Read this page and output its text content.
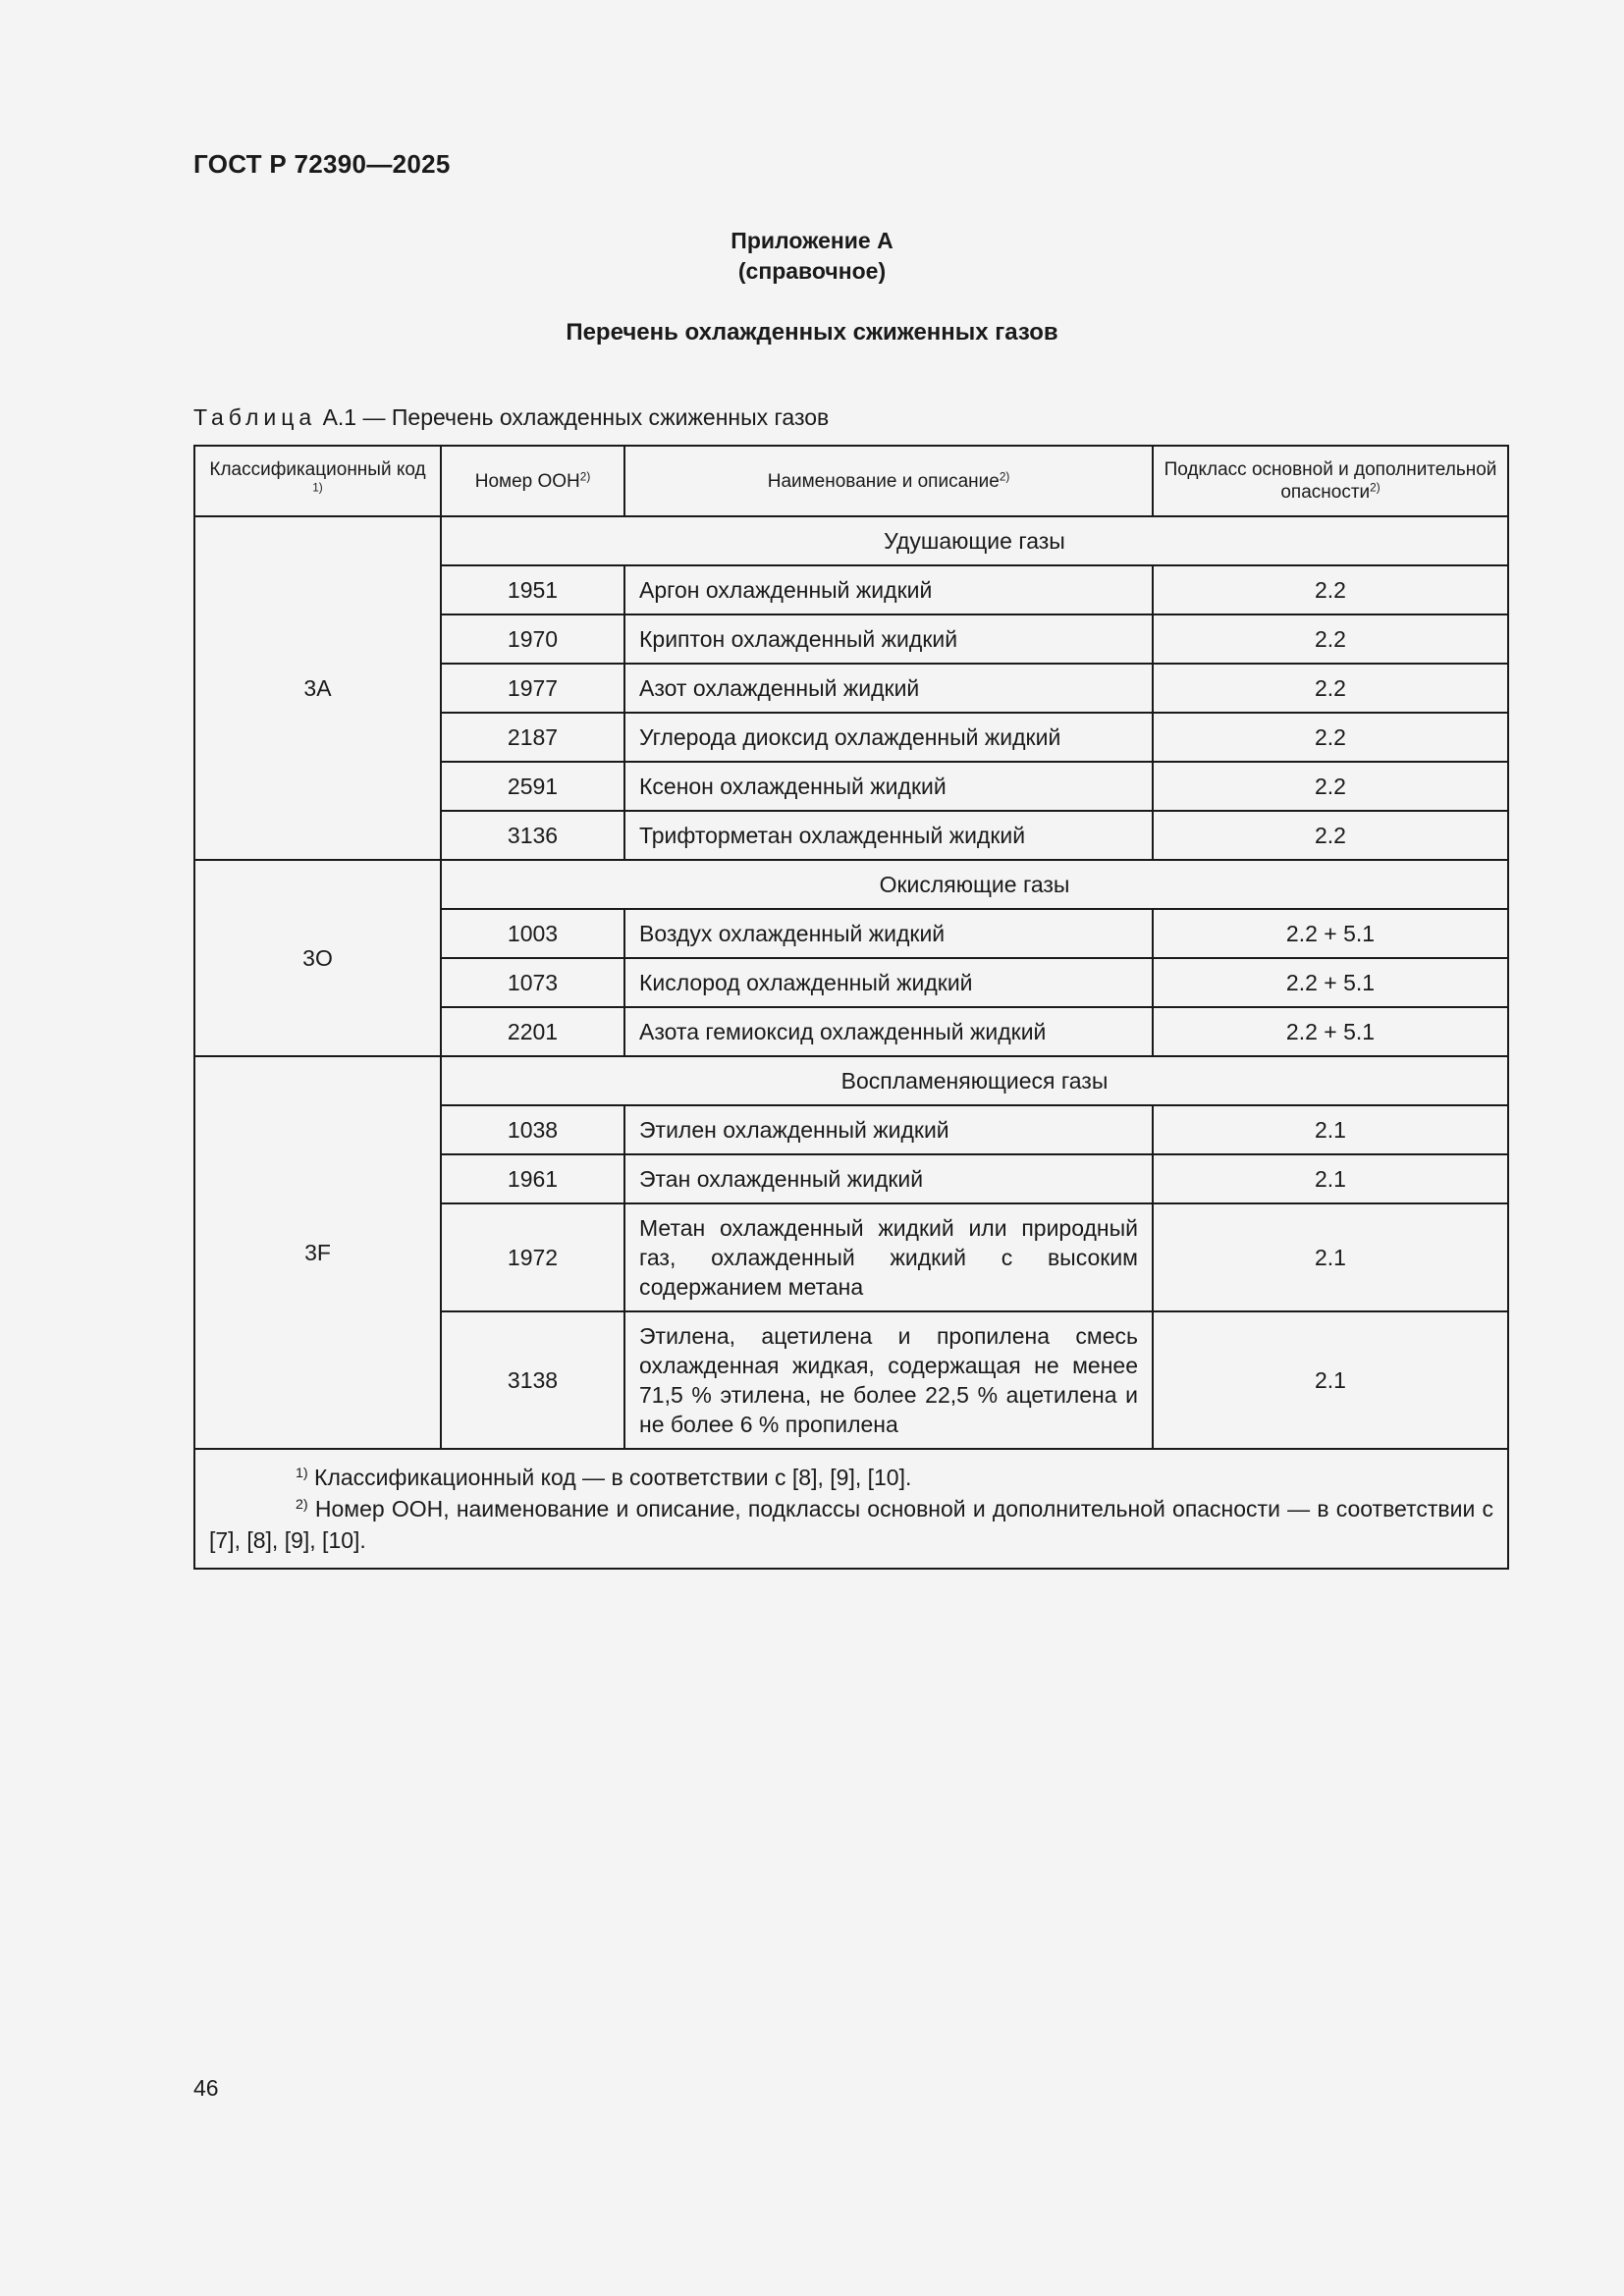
ГОСТ Р 72390—2025
Приложение А
(справочное)
Перечень охлажденных сжиженных газов
Таблица А.1 — Перечень охлажденных сжиженных газов
Классификационный код $^{1)}$	Номер ООН$^{2)}$	Наименование и описание$^{2)}$	Подкласс основной и дополнительной опасности$^{2)}$
3A	Удушающие газы		
	1951	Аргон охлажденный жидкий	2.2
	1970	Криптон охлажденный жидкий	2.2
	1977	Азот охлажденный жидкий	2.2
	2187	Углерода диоксид охлажденный жидкий	2.2
	2591	Ксенон охлажденный жидкий	2.2
	3136	Трифторметан охлажденный жидкий	2.2
3O	Окисляющие газы		
	1003	Воздух охлажденный жидкий	2.2 + 5.1
	1073	Кислород охлажденный жидкий	2.2 + 5.1
	2201	Азота гемиоксид охлажденный жидкий	2.2 + 5.1
3F	Воспламеняющиеся газы		
	1038	Этилен охлажденный жидкий	2.1
	1961	Этан охлажденный жидкий	2.1
	1972	Метан охлажденный жидкий или природный газ, охлажденный жидкий с высоким содержанием метана	2.1
	3138	Этилена, ацетилена и пропилена смесь охлажденная жидкая, содержащая не менее 71,5 % этилена, не более 22,5 % ацетилена и не более 6 % пропилена	2.1

$^{1)}$ Классификационный код — в соответствии с [8], [9], [10].
$^{2)}$ Номер ООН, наименование и описание, подклассы основной и дополнительной опасности — в соответствии с [7], [8], [9], [10].			
46
